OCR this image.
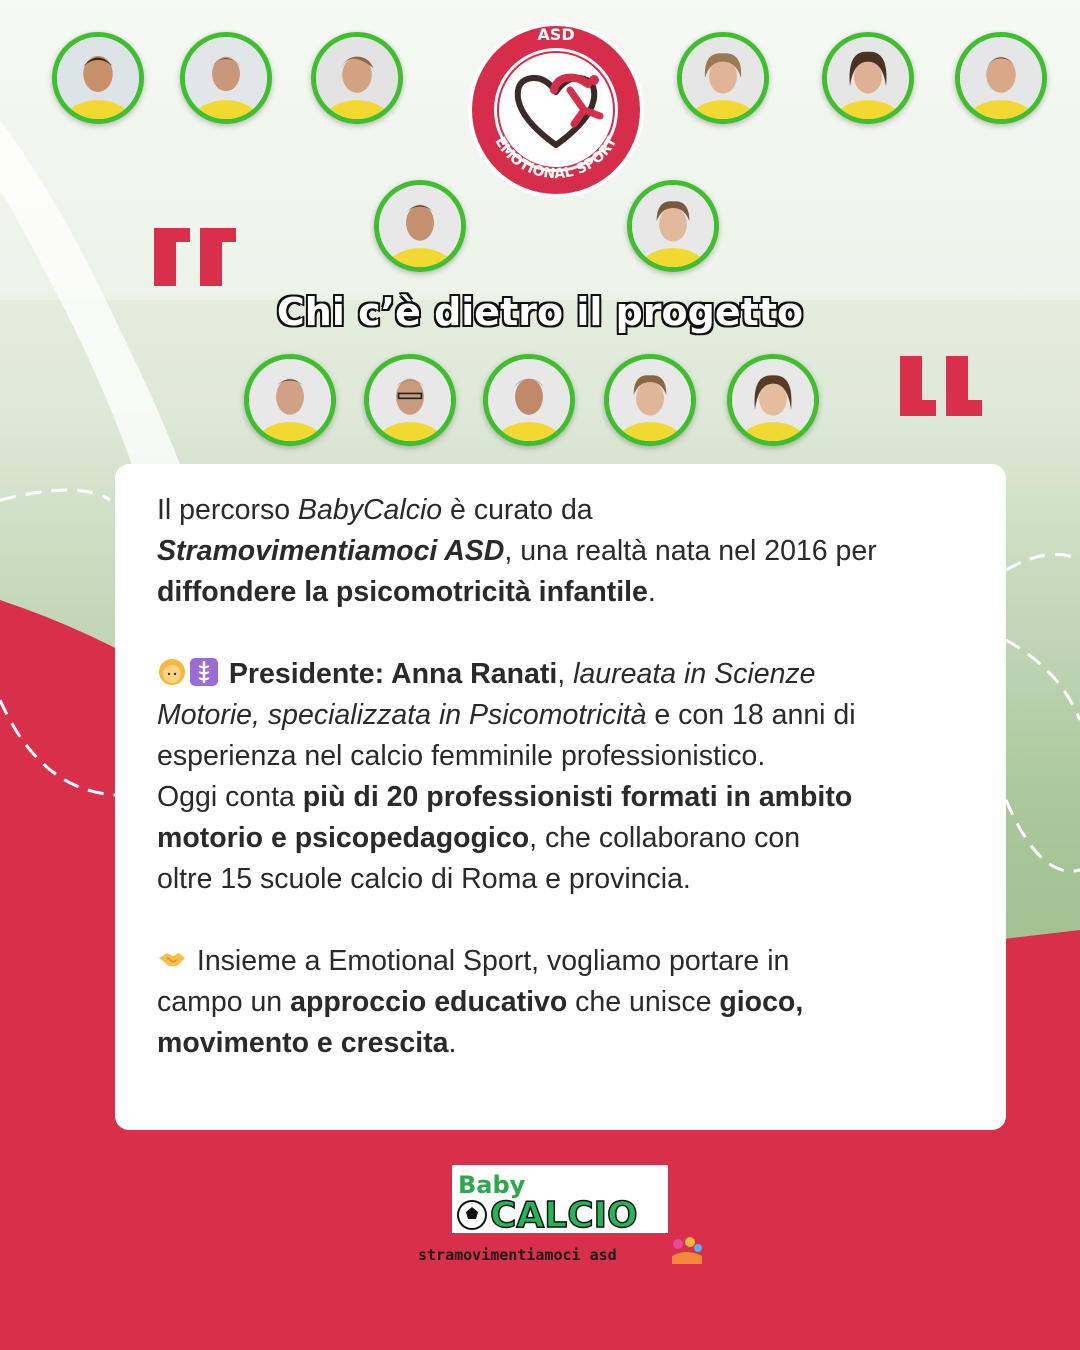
ASD
EMOTIONAL SPORT
Chi c’è dietro il progetto

Il percorso BabyCalcio è curato da
Stramovimentiamoci ASD, una realtà nata nel 2016 per
diffondere la psicomotricità infantile.

Presidente: Anna Ranati, laureata in Scienze
Motorie, specializzata in Psicomotricità e con 18 anni di
esperienza nel calcio femminile professionistico.
Oggi conta più di 20 professionisti formati in ambito
motorio e psicopedagogico, che collaborano con
oltre 15 scuole calcio di Roma e provincia.

Insieme a Emotional Sport, vogliamo portare in
campo un approccio educativo che unisce gioco,
movimento e crescita.

Baby
CALCIO
stramovimentiamoci asd
